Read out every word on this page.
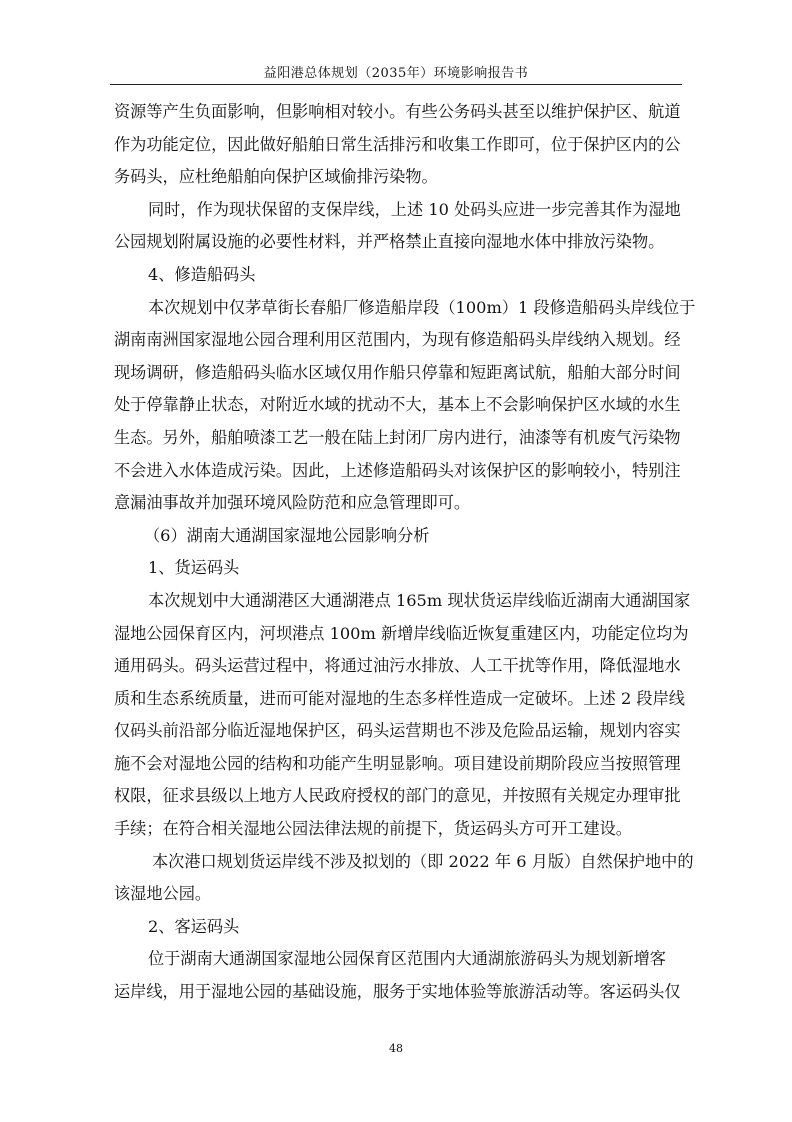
益阳港总体规划（2035年）环境影响报告书

资源等产生负面影响，但影响相对较小。有些公务码头甚至以维护保护区、航道

作为功能定位，因此做好船舶日常生活排污和收集工作即可，位于保护区内的公

务码头，应杜绝船舶向保护区域偷排污染物。

同时，作为现状保留的支保岸线，上述 10 处码头应进一步完善其作为湿地

公园规划附属设施的必要性材料，并严格禁止直接向湿地水体中排放污染物。

4、修造船码头

本次规划中仅茅草街长春船厂修造船岸段（100m）1 段修造船码头岸线位于

湖南南洲国家湿地公园合理利用区范围内，为现有修造船码头岸线纳入规划。经

现场调研，修造船码头临水区域仅用作船只停靠和短距离试航，船舶大部分时间

处于停靠静止状态，对附近水域的扰动不大，基本上不会影响保护区水域的水生

生态。另外，船舶喷漆工艺一般在陆上封闭厂房内进行，油漆等有机废气污染物

不会进入水体造成污染。因此，上述修造船码头对该保护区的影响较小，特别注

意漏油事故并加强环境风险防范和应急管理即可。

（6）湖南大通湖国家湿地公园影响分析

1、货运码头

本次规划中大通湖港区大通湖港点 165m 现状货运岸线临近湖南大通湖国家

湿地公园保育区内，河坝港点 100m 新增岸线临近恢复重建区内，功能定位均为

通用码头。码头运营过程中，将通过油污水排放、人工干扰等作用，降低湿地水

质和生态系统质量，进而可能对湿地的生态多样性造成一定破坏。上述 2 段岸线

仅码头前沿部分临近湿地保护区，码头运营期也不涉及危险品运输，规划内容实

施不会对湿地公园的结构和功能产生明显影响。项目建设前期阶段应当按照管理

权限，征求县级以上地方人民政府授权的部门的意见，并按照有关规定办理审批

手续；在符合相关湿地公园法律法规的前提下，货运码头方可开工建设。

本次港口规划货运岸线不涉及拟划的（即 2022 年 6 月版）自然保护地中的

该湿地公园。

2、客运码头

位于湖南大通湖国家湿地公园保育区范围内大通湖旅游码头为规划新增客

运岸线，用于湿地公园的基础设施，服务于实地体验等旅游活动等。客运码头仅

48
